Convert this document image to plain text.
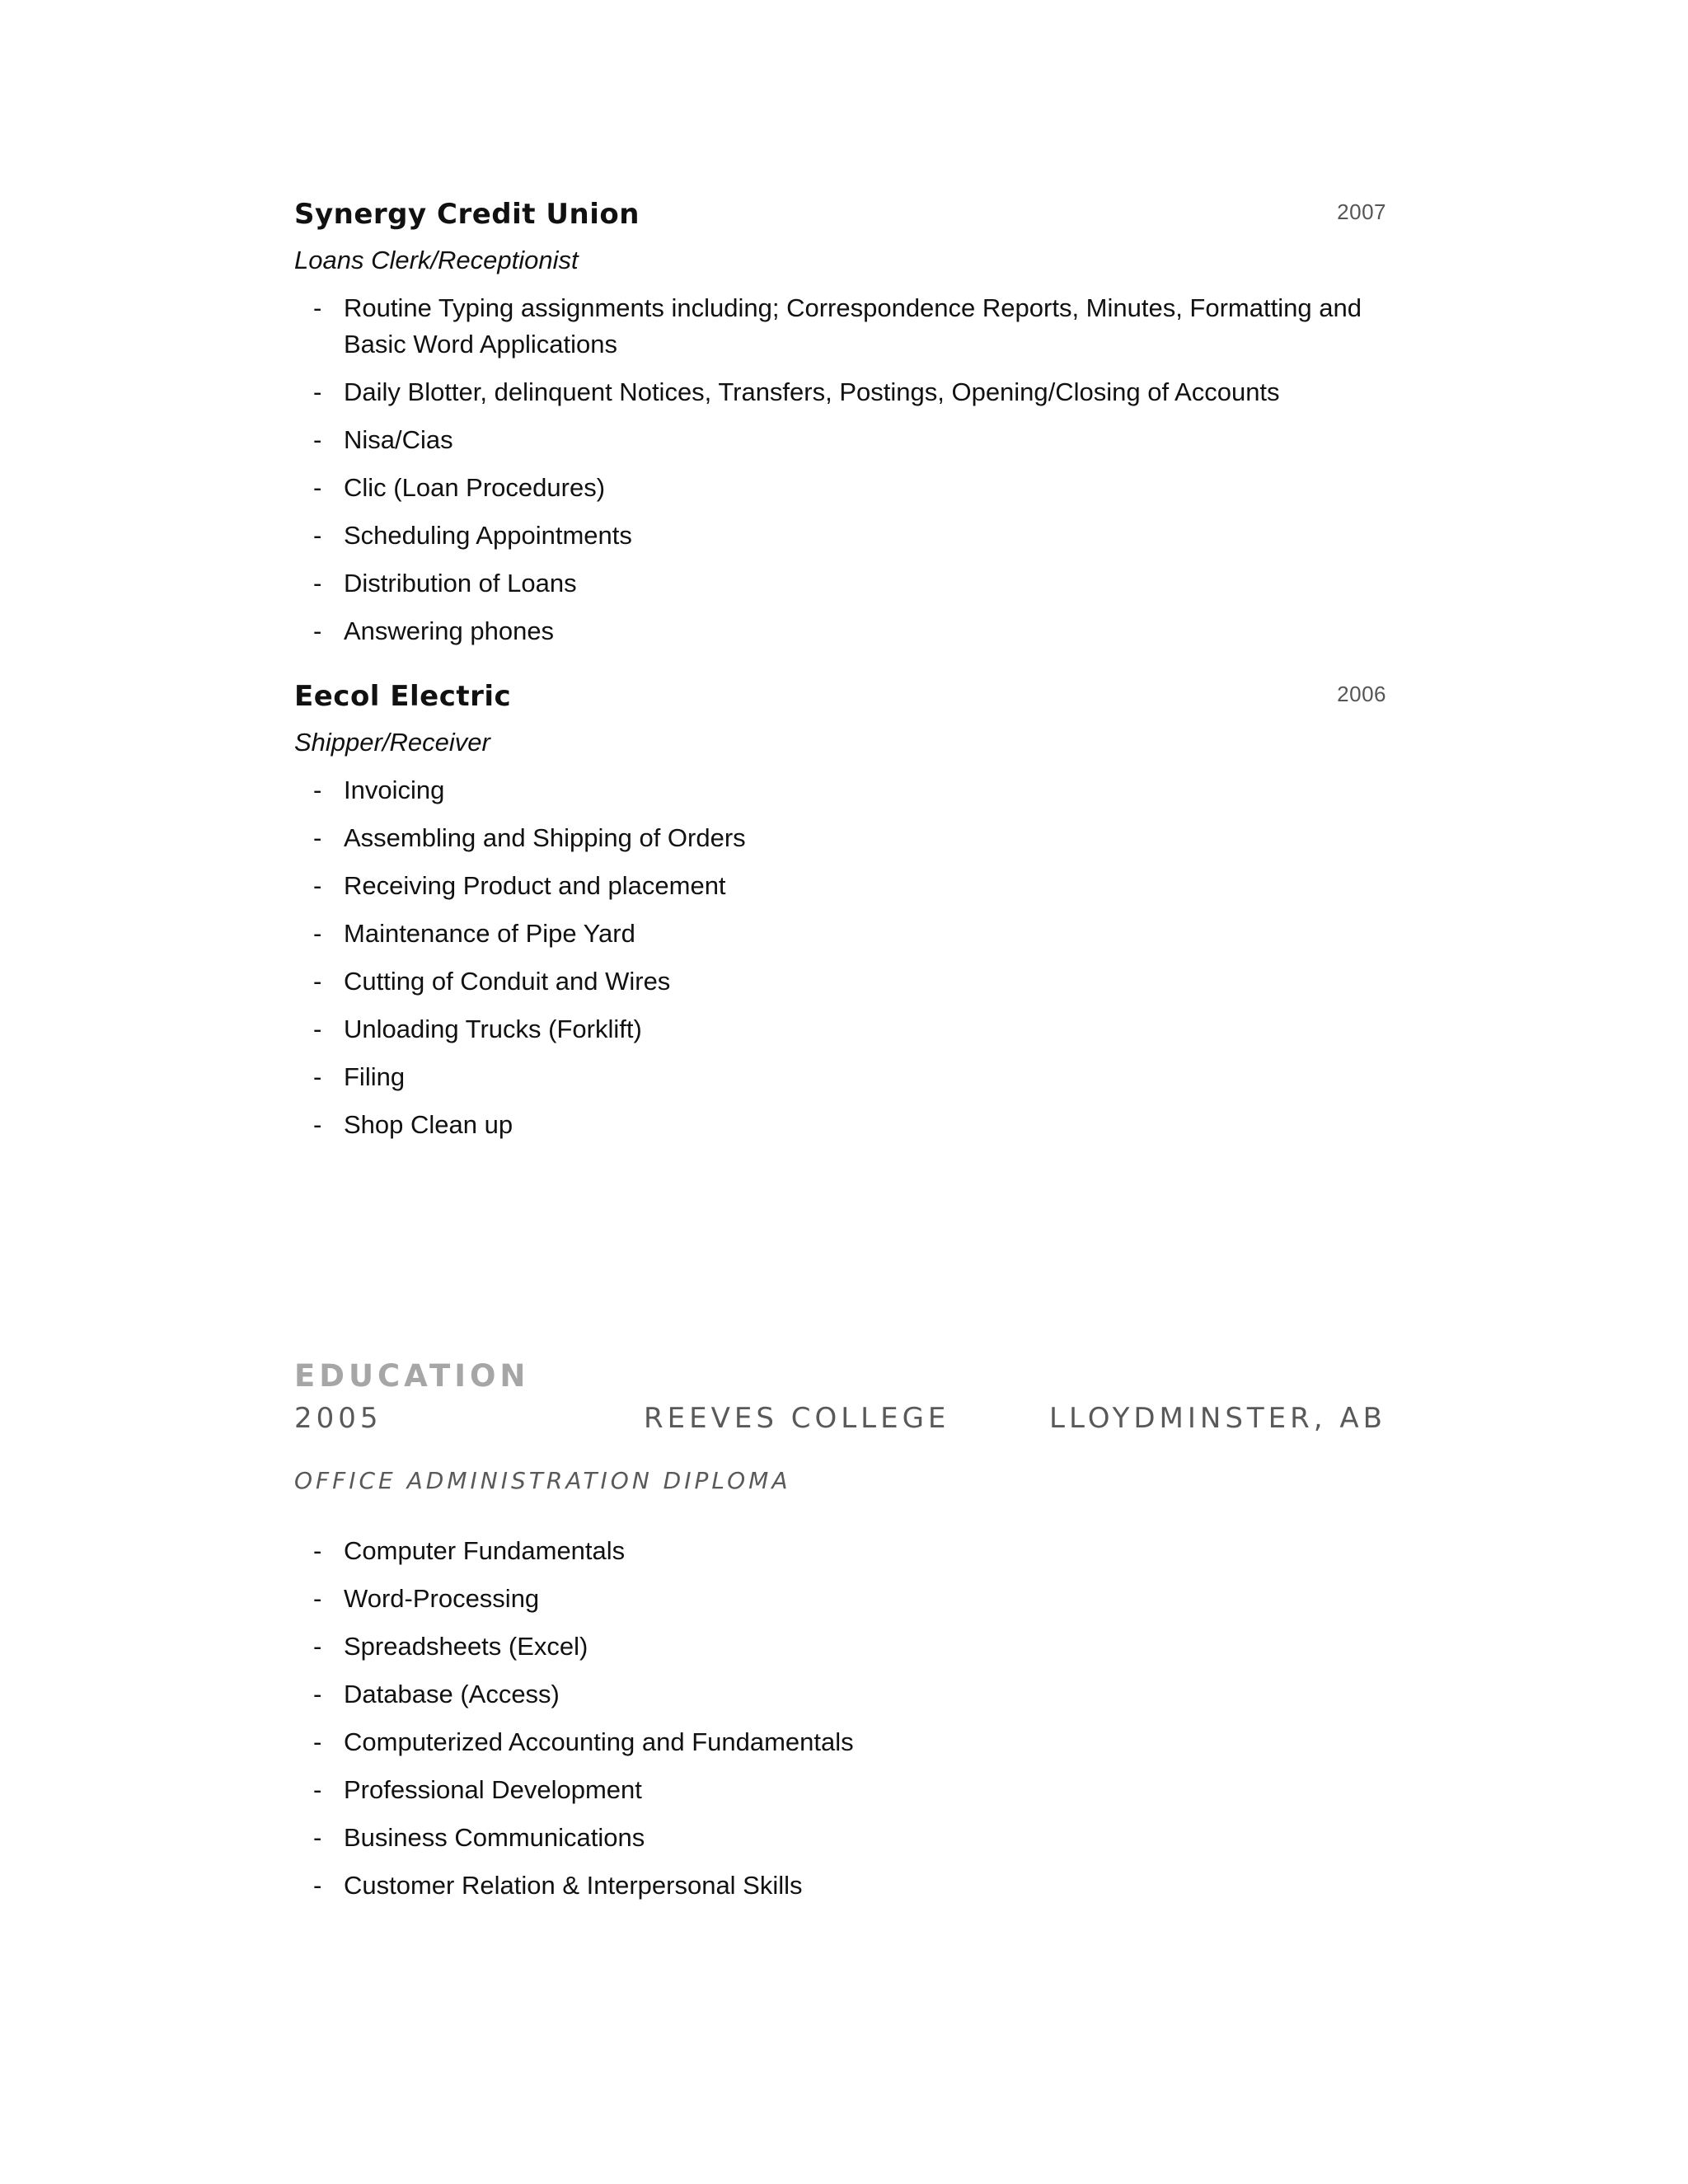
Synergy Credit Union	2007
Loans Clerk/Receptionist
- Routine Typing assignments including; Correspondence Reports, Minutes, Formatting and Basic Word Applications
- Daily Blotter, delinquent Notices, Transfers, Postings, Opening/Closing of Accounts
- Nisa/Cias
- Clic (Loan Procedures)
- Scheduling Appointments
- Distribution of Loans
- Answering phones
Eecol Electric	2006
Shipper/Receiver
- Invoicing
- Assembling and Shipping of Orders
- Receiving Product and placement
- Maintenance of Pipe Yard
- Cutting of Conduit and Wires
- Unloading Trucks (Forklift)
- Filing
- Shop Clean up
EDUCATION
2005	REEVES COLLEGE	LLOYDMINSTER, AB
OFFICE ADMINISTRATION DIPLOMA
- Computer Fundamentals
- Word-Processing
- Spreadsheets (Excel)
- Database (Access)
- Computerized Accounting and Fundamentals
- Professional Development
- Business Communications
- Customer Relation & Interpersonal Skills
